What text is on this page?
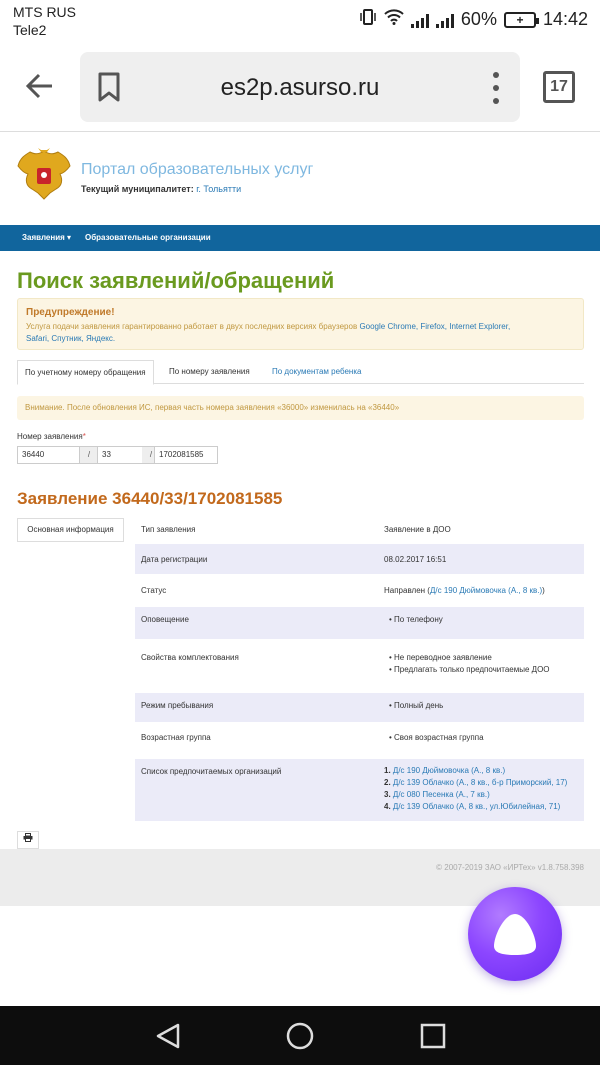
MTS RUS
Tele2
60%	+	14:42
es2p.asurso.ru	17
Портал образовательных услуг
Текущий муниципалитет: г. Тольятти
Заявления ▾ Образовательные организации
Поиск заявлений/обращений
Предупреждение!
Услуга подачи заявления гарантированно работает в двух последних версиях браузеров Google Chrome, Firefox, Internet Explorer,
Safari, Спутник, Яндекс.
По учетному номеру обращения	По номеру заявления	По документам ребенка
Внимание. После обновления ИС, первая часть номера заявления «36000» изменилась на «36440»
Номер заявления*
36440	/	33	/ 1702081585
Заявление 36440/33/1702081585
Основная информация	Тип заявления	Заявление в ДОО
Дата регистрации	08.02.2017 16:51
Статус	Направлен (Д/с 190 Дюймовочка (А., 8 кв.))
Оповещение	• По телефону
Свойства комплектования	• Не переводное заявление
• Предлагать только предпочитаемые ДОО
Режим пребывания	• Полный день
Возрастная группа	• Своя возрастная группа
Список предпочитаемых организаций	1. Д/с 190 Дюймовочка (А., 8 кв.)
2. Д/с 139 Облачко (А., 8 кв., б-р Приморский, 17)
3. Д/с 080 Песенка (А., 7 кв.)
4. Д/с 139 Облачко (А, 8 кв., ул.Юбилейная, 71)
© 2007-2019 ЗАО «ИРТех» v1.8.758.398
